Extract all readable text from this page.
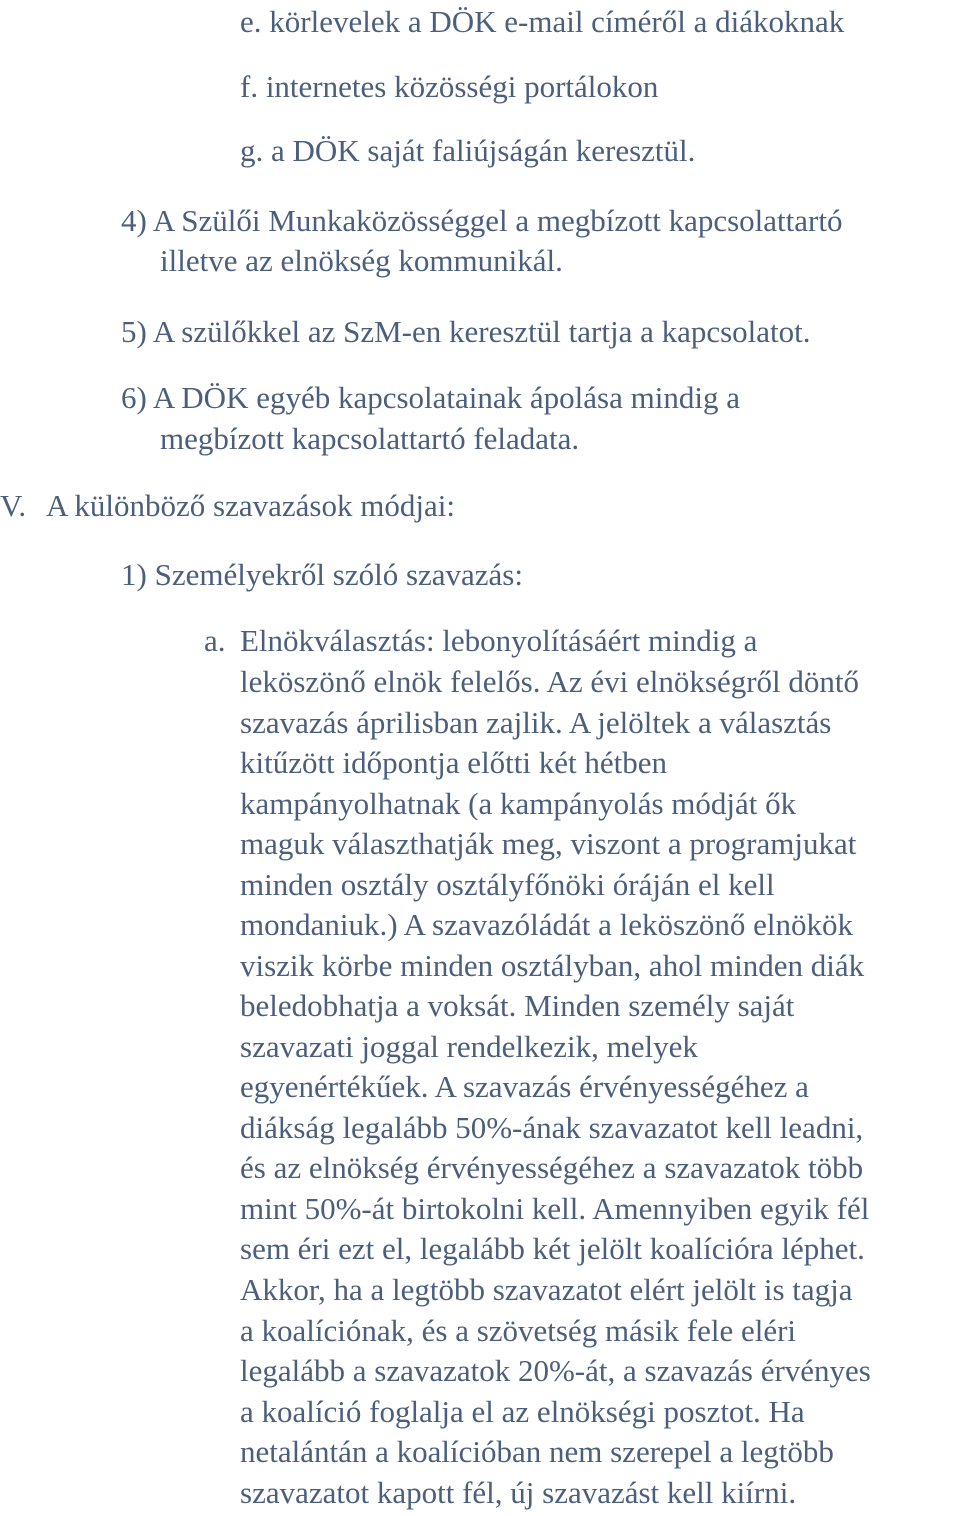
e. körlevelek a DÖK e-mail címéről a diákoknak
f. internetes közösségi portálokon
g. a DÖK saját faliújságán keresztül.
4) A Szülői Munkaközösséggel a megbízott kapcsolattartó
illetve az elnökség kommunikál.
5) A szülőkkel az SzM-en keresztül tartja a kapcsolatot.
6) A DÖK egyéb kapcsolatainak ápolása mindig a
megbízott kapcsolattartó feladata.
V. A különböző szavazások módjai:
1) Személyekről szóló szavazás:
a. Elnökválasztás: lebonyolításáért mindig a
leköszönő elnök felelős. Az évi elnökségről döntő
szavazás áprilisban zajlik. A jelöltek a választás
kitűzött időpontja előtti két hétben
kampányolhatnak (a kampányolás módját ők
maguk választhatják meg, viszont a programjukat
minden osztály osztályfőnöki óráján el kell
mondaniuk.) A szavazóládát a leköszönő elnökök
viszik körbe minden osztályban, ahol minden diák
beledobhatja a voksát. Minden személy saját
szavazati joggal rendelkezik, melyek
egyenértékűek. A szavazás érvényességéhez a
diákság legalább 50%-ának szavazatot kell leadni,
és az elnökség érvényességéhez a szavazatok több
mint 50%-át birtokolni kell. Amennyiben egyik fél
sem éri ezt el, legalább két jelölt koalícióra léphet.
Akkor, ha a legtöbb szavazatot elért jelölt is tagja
a koalíciónak, és a szövetség másik fele eléri
legalább a szavazatok 20%-át, a szavazás érvényes
a koalíció foglalja el az elnökségi posztot. Ha
netalántán a koalícióban nem szerepel a legtöbb
szavazatot kapott fél, új szavazást kell kiírni.
